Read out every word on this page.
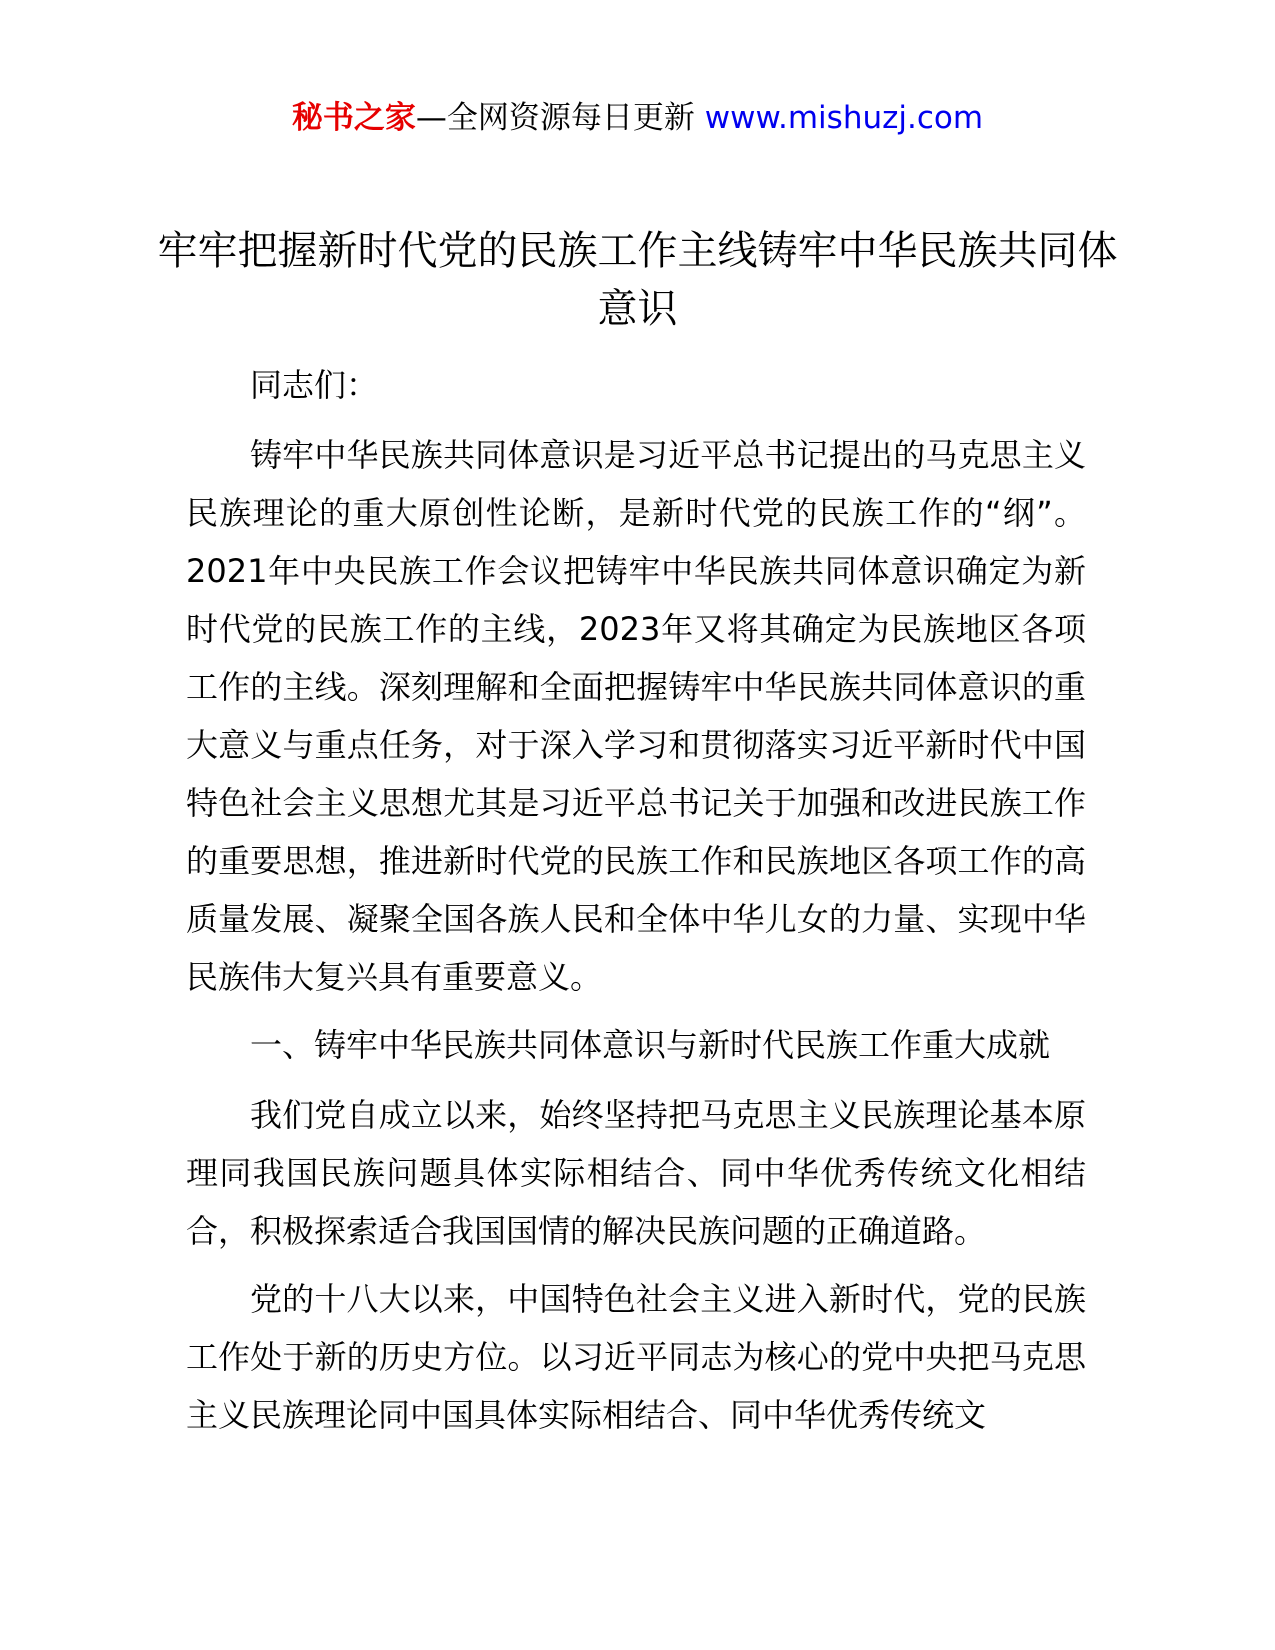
秘书之家—全网资源每日更新 www.mishuzj.com
牢牢把握新时代党的民族工作主线铸牢中华民族共同体意识

同志们：

铸牢中华民族共同体意识是习近平总书记提出的马克思主义民族理论的重大原创性论断，是新时代党的民族工作的“纲”。2021年中央民族工作会议把铸牢中华民族共同体意识确定为新时代党的民族工作的主线，2023年又将其确定为民族地区各项工作的主线。深刻理解和全面把握铸牢中华民族共同体意识的重大意义与重点任务，对于深入学习和贯彻落实习近平新时代中国特色社会主义思想尤其是习近平总书记关于加强和改进民族工作的重要思想，推进新时代党的民族工作和民族地区各项工作的高质量发展、凝聚全国各族人民和全体中华儿女的力量、实现中华民族伟大复兴具有重要意义。

一、铸牢中华民族共同体意识与新时代民族工作重大成就

我们党自成立以来，始终坚持把马克思主义民族理论基本原理同我国民族问题具体实际相结合、同中华优秀传统文化相结合，积极探索适合我国国情的解决民族问题的正确道路。

党的十八大以来，中国特色社会主义进入新时代，党的民族工作处于新的历史方位。以习近平同志为核心的党中央把马克思主义民族理论同中国具体实际相结合、同中华优秀传统文
